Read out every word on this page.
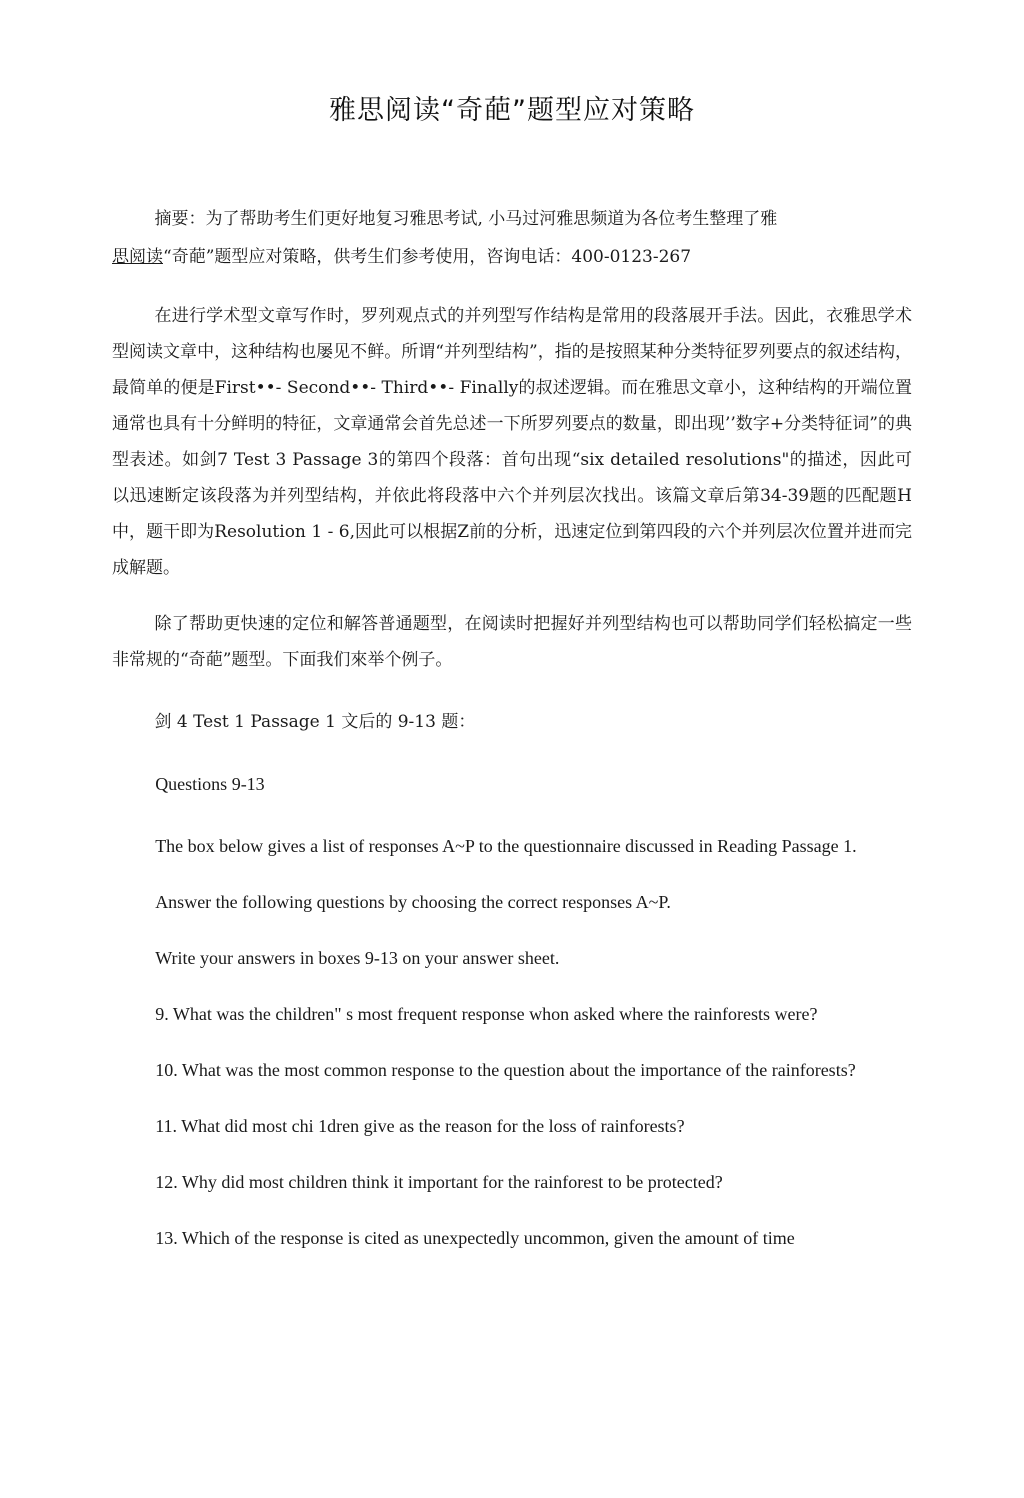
雅思阅读“奇葩”题型应对策略

摘要：为了帮助考生们更好地复习雅思考试, 小马过河雅思频道为各位考生整理了雅
思阅读“奇葩”题型应对策略，供考生们参考使用，咨询电话：400-0123-267

在进行学术型文章写作时，罗列观点式的并列型写作结构是常用的段落展开手法。因此，衣雅思学术型阅读文章中，这种结构也屡见不鲜。所谓“并列型结构”，指的是按照某种分类特征罗列要点的叙述结构，最简单的便是First••- Second••- Third••- Finally的叔述逻辑。而在雅思文章小，这种结构的开端位置通常也具有十分鲜明的特征，文章通常会首先总述一下所罗列要点的数量，即出现’’数字+分类特征词”的典型表述。如剑7 Test 3 Passage 3的第四个段落：首句出现“six detailed resolutions"的描述，因此可以迅速断定该段落为并列型结构，并依此将段落中六个并列层次找出。该篇文章后第34-39题的匹配题H中，题干即为Resolution 1 - 6,因此可以根据Z前的分析，迅速定位到第四段的六个并列层次位置并进而完成解题。

除了帮助更快速的定位和解答普通题型，在阅读时把握好并列型结构也可以帮助同学们轻松搞定一些非常规的“奇葩”题型。下面我们來举个例子。

剑 4 Test 1 Passage 1 文后的 9-13 题：

Questions 9-13

The box below gives a list of responses A~P to the questionnaire discussed in Reading Passage 1.

Answer the following questions by choosing the correct responses A~P.

Write your answers in boxes 9-13 on your answer sheet.

9. What was the children" s most frequent response whon asked where the rainforests were?

10. What was the most common response to the question about the importance of the rainforests?

11. What did most chi 1dren give as the reason for the loss of rainforests?

12. Why did most children think it important for the rainforest to be protected?

13. Which of the response is cited as unexpectedly uncommon, given the amount of time
